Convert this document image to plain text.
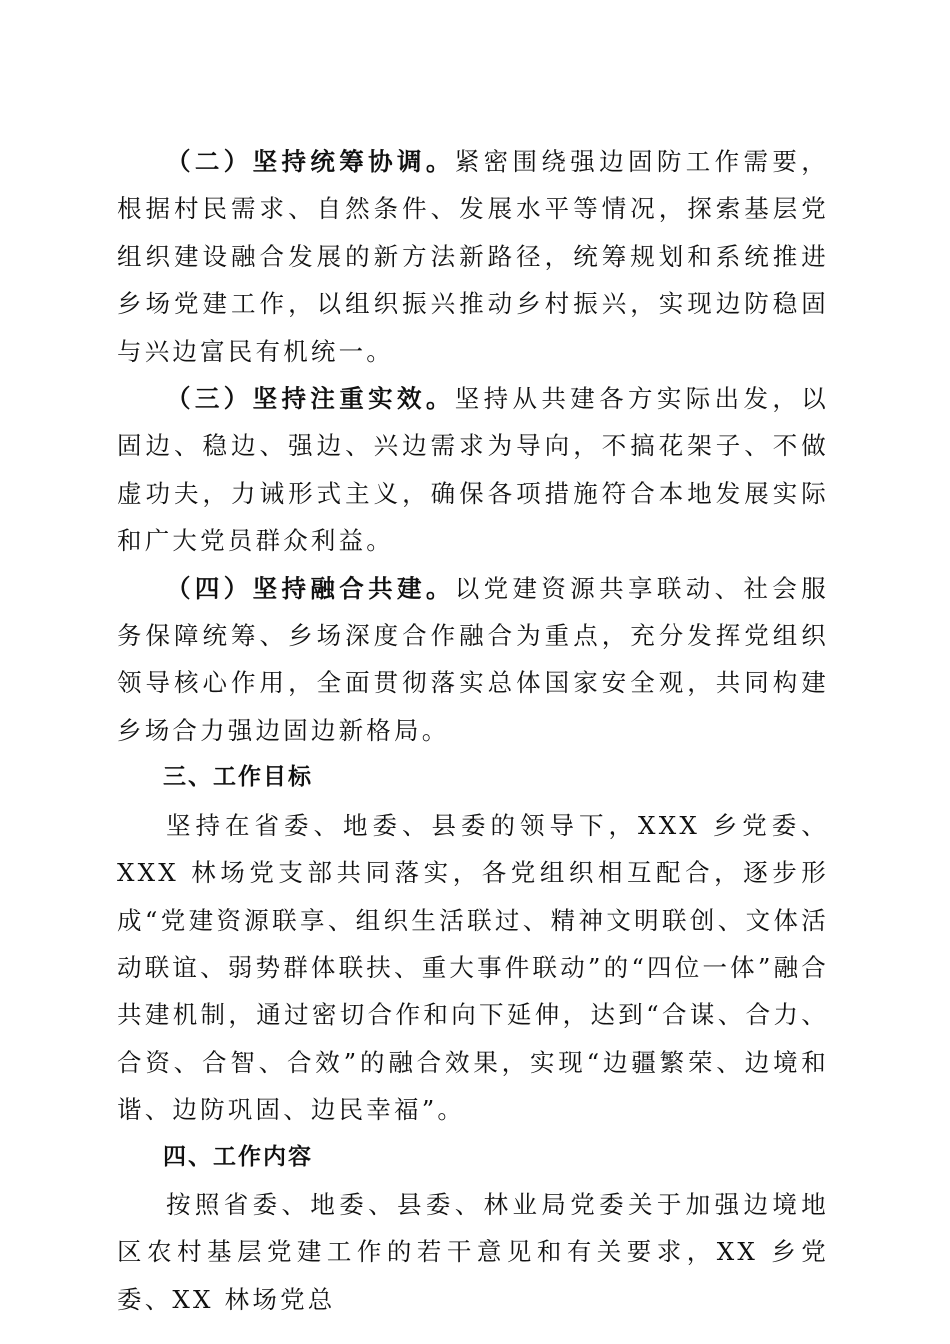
（二）坚持统筹协调。紧密围绕强边固防工作需要，根据村民需求、自然条件、发展水平等情况，探索基层党组织建设融合发展的新方法新路径，统筹规划和系统推进乡场党建工作，以组织振兴推动乡村振兴，实现边防稳固与兴边富民有机统一。

（三）坚持注重实效。坚持从共建各方实际出发，以固边、稳边、强边、兴边需求为导向，不搞花架子、不做虚功夫，力诫形式主义，确保各项措施符合本地发展实际和广大党员群众利益。

（四）坚持融合共建。以党建资源共享联动、社会服务保障统筹、乡场深度合作融合为重点，充分发挥党组织领导核心作用，全面贯彻落实总体国家安全观，共同构建乡场合力强边固边新格局。

三、工作目标

坚持在省委、地委、县委的领导下，XXX 乡党委、XXX 林场党支部共同落实，各党组织相互配合，逐步形成“党建资源联享、组织生活联过、精神文明联创、文体活动联谊、弱势群体联扶、重大事件联动”的“四位一体”融合共建机制，通过密切合作和向下延伸，达到“合谋、合力、合资、合智、合效”的融合效果，实现“边疆繁荣、边境和谐、边防巩固、边民幸福”。

四、工作内容

按照省委、地委、县委、林业局党委关于加强边境地区农村基层党建工作的若干意见和有关要求，XX 乡党委、XX 林场党总
